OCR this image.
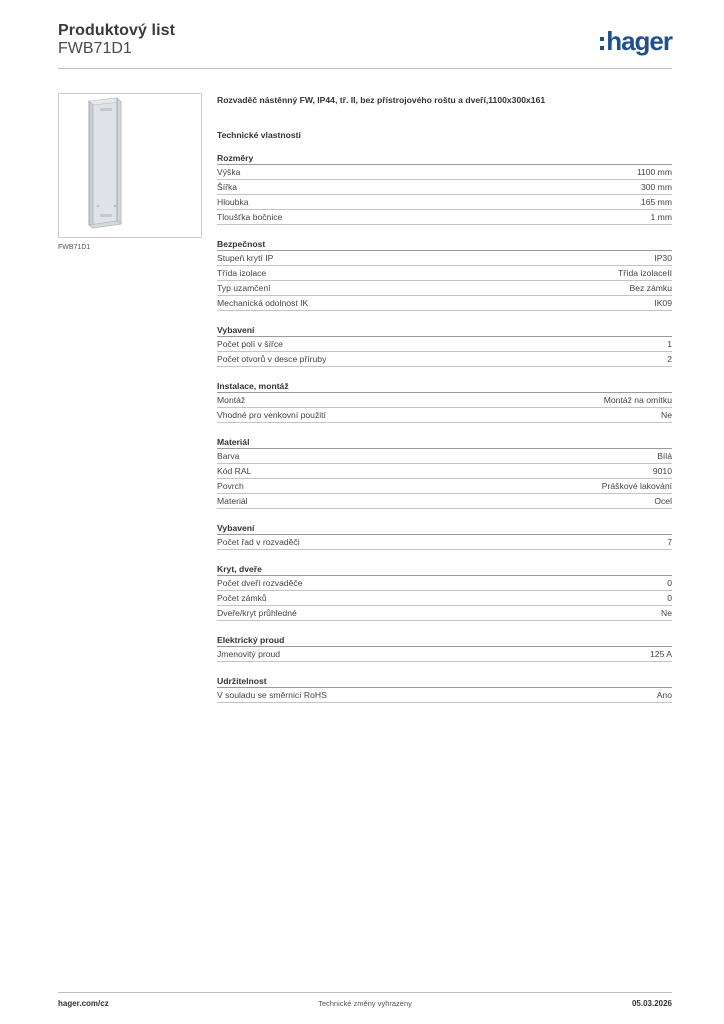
Produktový list
FWB71D1	hager
FWB71D1
Rozvaděč nástěnný FW, IP44, tř. II, bez přístrojového roštu a dveří,1100x300x161
Technické vlastnosti
Rozměry
Výška	1100 mm
Šířka	300 mm
Hloubka	165 mm
Tloušťka bočnice	1 mm
Bezpečnost
Stupeň krytí IP	IP30
Třída izolace	Třída izolaceII
Typ uzamčení	Bez zámku
Mechanická odolnost IK	IK09
Vybavení
Počet polí v šířce	1
Počet otvorů v desce příruby	2
Instalace, montáž
Montáž	Montáž na omítku
Vhodné pro venkovní použití	Ne
Materiál
Barva	Bílá
Kód RAL	9010
Povrch	Práškové lakování
Materiál	Ocel
Vybavení
Počet řad v rozvaděči	7
Kryt, dveře
Počet dveří rozvaděče	0
Počet zámků	0
Dveře/kryt průhledné	Ne
Elektrický proud
Jmenovitý proud	125 A
Udržitelnost
V souladu se směrnicí RoHS	Ano
hager.com/cz	Technické změny vyhrazeny	05.03.2026
